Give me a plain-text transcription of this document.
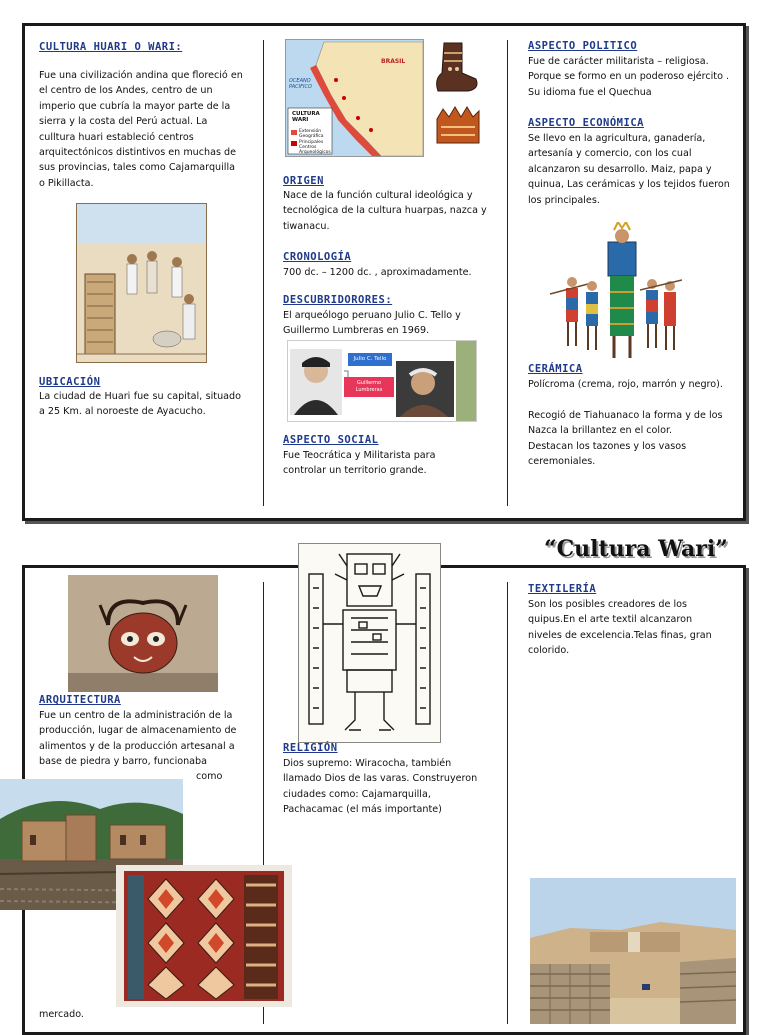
CULTURA HUARI O WARI:
Fue una civilización andina que floreció en el centro de los Andes, centro de un imperio que cubría la mayor parte de la sierra y la costa del Perú actual. La culltura huari estableció centros arquitectónicos distintivos en muchas de sus provincias, tales como Cajamarquilla o Pikillacta.
UBICACIÓN
La ciudad de Huari fue su capital, situado a 25 Km. al noroeste de Ayacucho.
BRASIL
OCEANO PACIFICO
CULTURA WARI
Extensión Geográfica
Principales Centros Arqueológicos
ORIGEN
Nace de la función cultural ideológica y tecnológica de la cultura huarpas, nazca y tiwanacu.
CRONOLOGÍA
700 dc. – 1200 dc. , aproximadamente.
DESCUBRIDORORES:
El arqueólogo peruano Julio C. Tello y Guillermo Lumbreras en 1969.
Julio C. Tello
Guillermo Lumbreras
ASPECTO SOCIAL
Fue Teocrática y Militarista para controlar un territorio grande.
ASPECTO POLITICO
Fue de carácter militarista – religiosa. Porque se formo en un poderoso ejército . Su idioma fue el Quechua
ASPECTO ECONÓMICA
Se llevo en la agricultura, ganadería, artesanía y comercio, con los cual alcanzaron su desarrollo. Maiz, papa y quinua, Las cerámicas y los tejidos fueron los principales.
CERÁMICA
Polícroma (crema, rojo, marrón y negro).
Recogió de Tiahuanaco la forma y de los Nazca la brillantez en el color.
Destacan los tazones y los vasos ceremoniales.
“Cultura Wari”
ARQUITECTURA
Fue un centro de la administración de la producción, lugar de almacenamiento de alimentos y de la producción artesanal a base de piedra y barro, funcionaba
como
mercado.
RELIGIÓN
Dios supremo: Wiracocha, también llamado Dios de las varas. Construyeron ciudades como: Cajamarquilla, Pachacamac (el más importante)
TEXTILERÍA
Son los posibles creadores de los quipus.En el arte textil alcanzaron niveles de excelencia.Telas finas, gran colorido.
